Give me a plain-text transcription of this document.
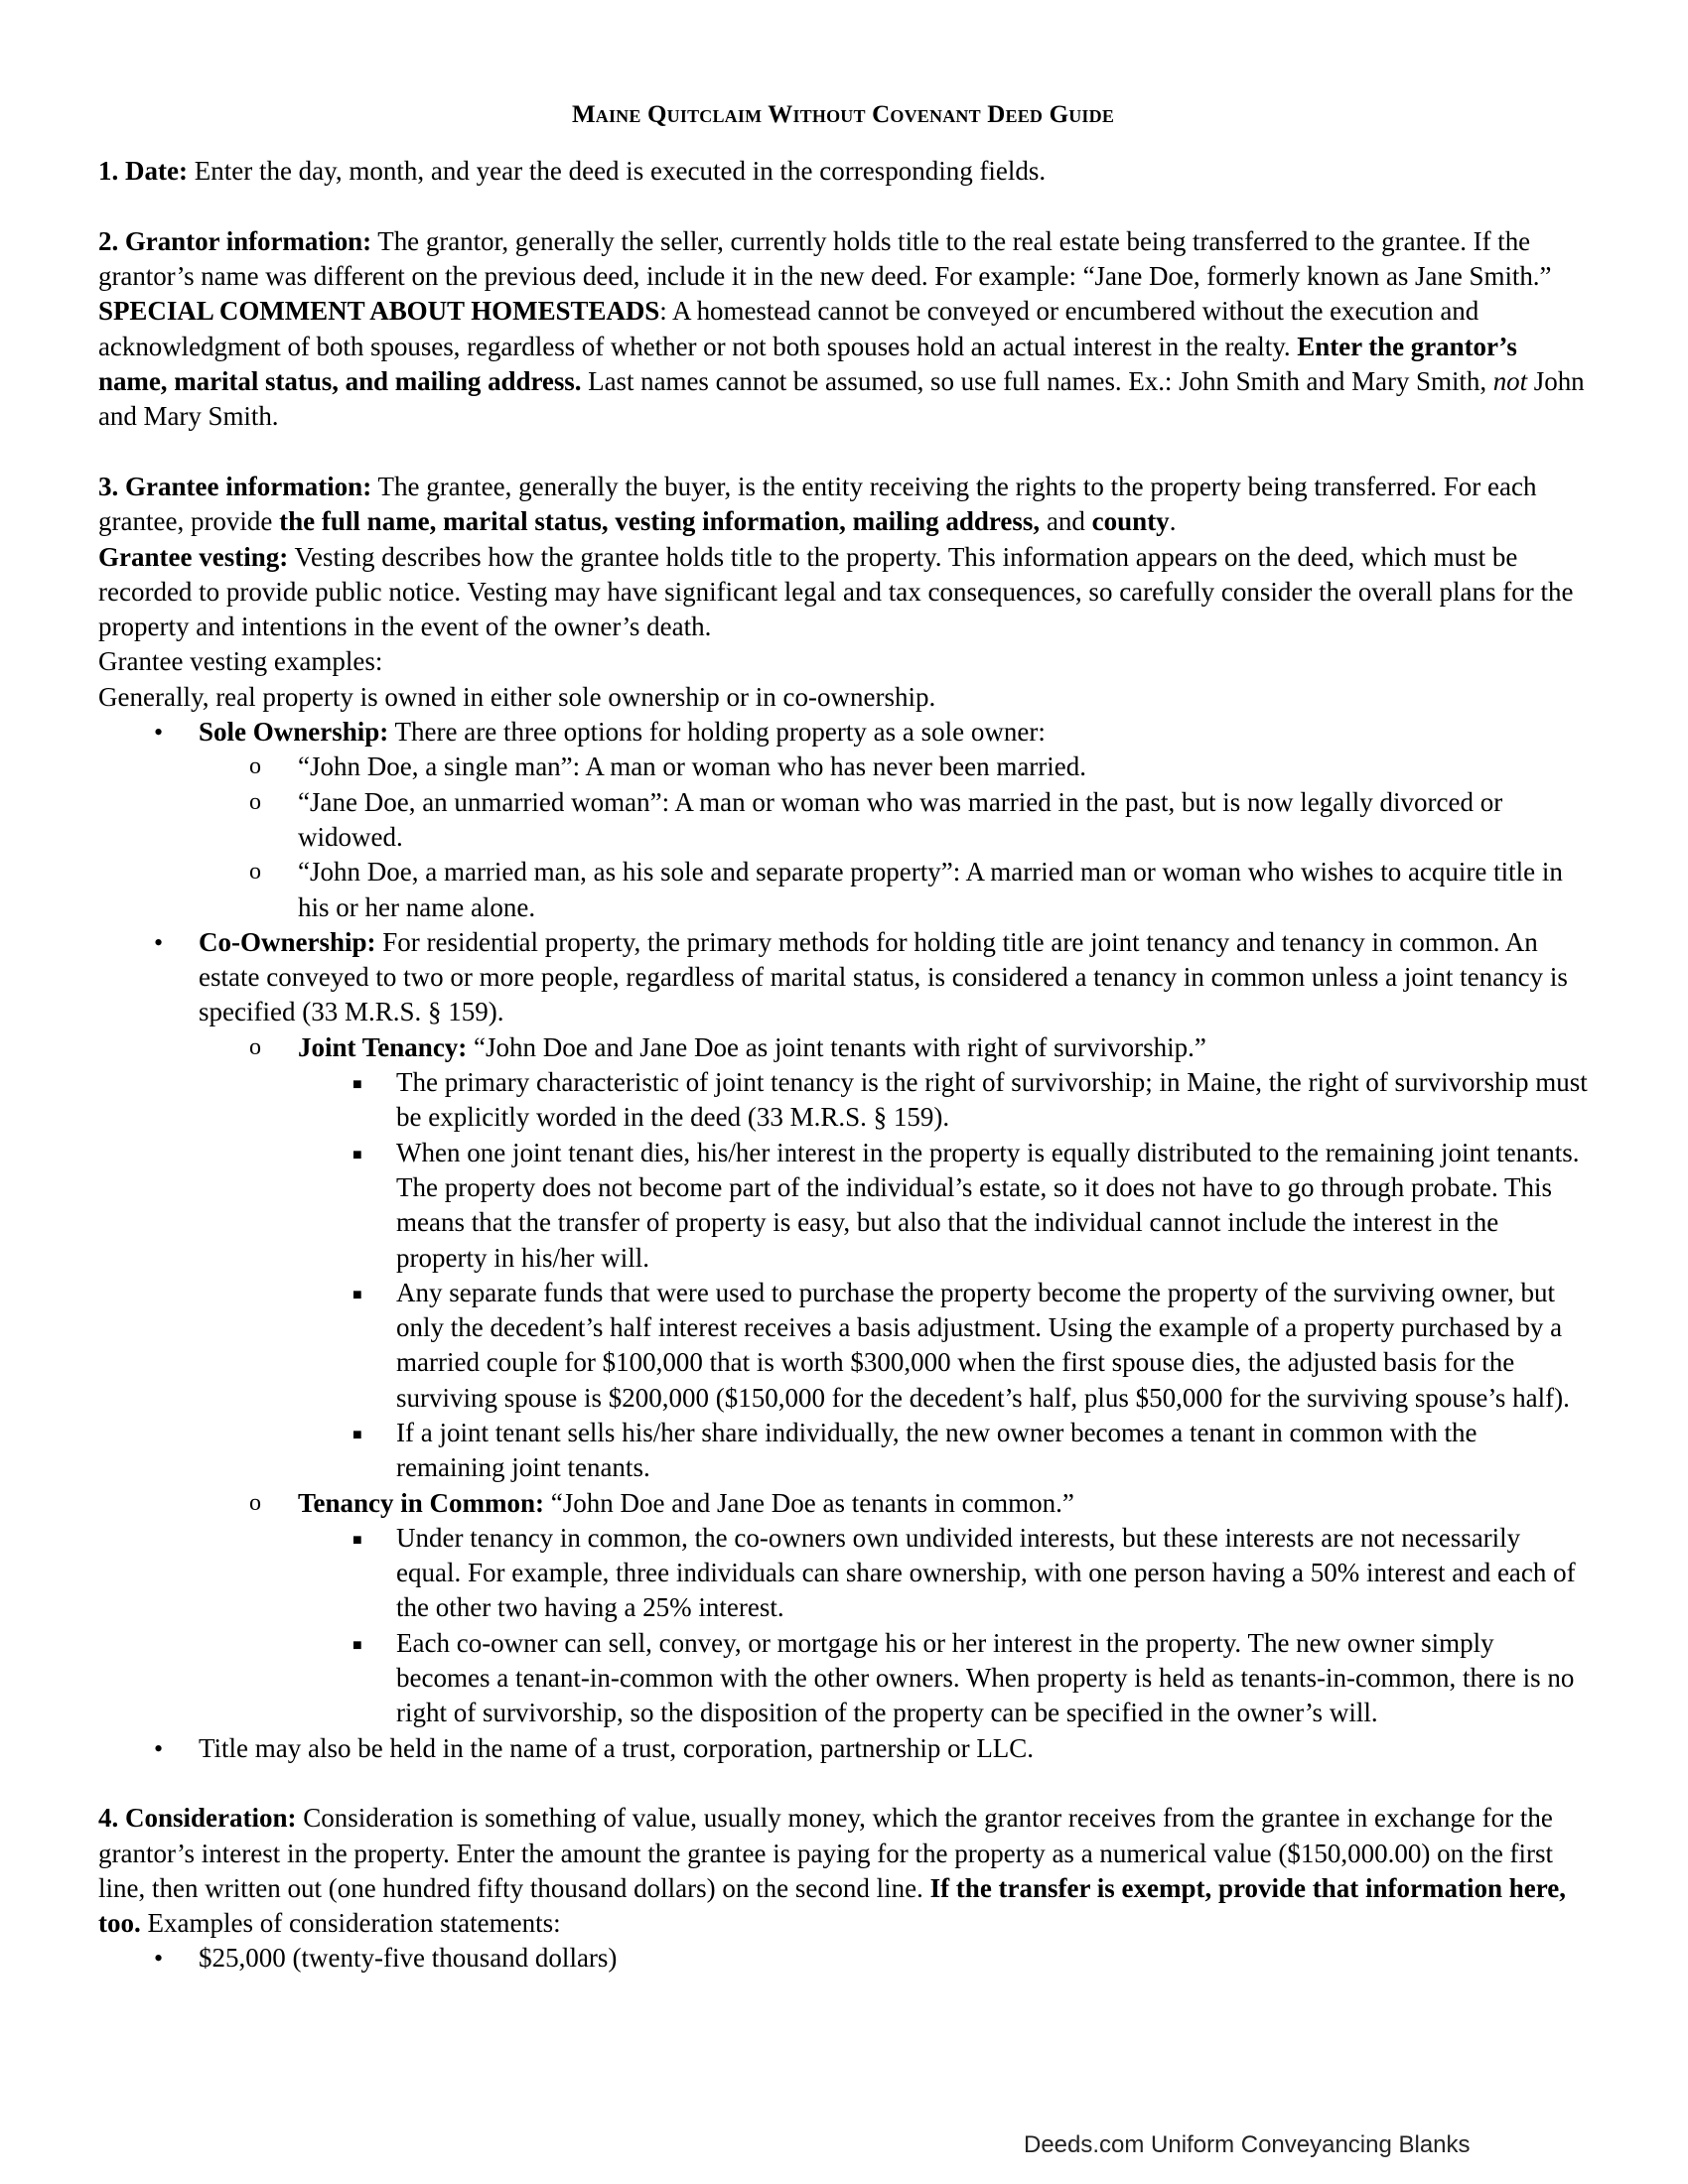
Maine Quitclaim Without Covenant Deed Guide

1. Date: Enter the day, month, and year the deed is executed in the corresponding fields.

2. Grantor information: The grantor, generally the seller, currently holds title to the real estate being transferred to the grantee. If the grantor’s name was different on the previous deed, include it in the new deed. For example: “Jane Doe, formerly known as Jane Smith.” SPECIAL COMMENT ABOUT HOMESTEADS: A homestead cannot be conveyed or encumbered without the execution and acknowledgment of both spouses, regardless of whether or not both spouses hold an actual interest in the realty. Enter the grantor’s name, marital status, and mailing address. Last names cannot be assumed, so use full names. Ex.: John Smith and Mary Smith, not John and Mary Smith.

3. Grantee information: The grantee, generally the buyer, is the entity receiving the rights to the property being transferred. For each grantee, provide the full name, marital status, vesting information, mailing address, and county.

Grantee vesting: Vesting describes how the grantee holds title to the property. This information appears on the deed, which must be recorded to provide public notice. Vesting may have significant legal and tax consequences, so carefully consider the overall plans for the property and intentions in the event of the owner’s death.

Grantee vesting examples:

Generally, real property is owned in either sole ownership or in co-ownership.

• Sole Ownership: There are three options for holding property as a sole owner:
o “John Doe, a single man”: A man or woman who has never been married.
o “Jane Doe, an unmarried woman”: A man or woman who was married in the past, but is now legally divorced or widowed.
o “John Doe, a married man, as his sole and separate property”: A married man or woman who wishes to acquire title in his or her name alone.
• Co-Ownership: For residential property, the primary methods for holding title are joint tenancy and tenancy in common. An estate conveyed to two or more people, regardless of marital status, is considered a tenancy in common unless a joint tenancy is specified (33 M.R.S. § 159).
o Joint Tenancy: “John Doe and Jane Doe as joint tenants with right of survivorship.”
■ The primary characteristic of joint tenancy is the right of survivorship; in Maine, the right of survivorship must be explicitly worded in the deed (33 M.R.S. § 159).
■ When one joint tenant dies, his/her interest in the property is equally distributed to the remaining joint tenants. The property does not become part of the individual’s estate, so it does not have to go through probate. This means that the transfer of property is easy, but also that the individual cannot include the interest in the property in his/her will.
■ Any separate funds that were used to purchase the property become the property of the surviving owner, but only the decedent’s half interest receives a basis adjustment. Using the example of a property purchased by a married couple for $100,000 that is worth $300,000 when the first spouse dies, the adjusted basis for the surviving spouse is $200,000 ($150,000 for the decedent’s half, plus $50,000 for the surviving spouse’s half).
■ If a joint tenant sells his/her share individually, the new owner becomes a tenant in common with the remaining joint tenants.
o Tenancy in Common: “John Doe and Jane Doe as tenants in common.”
■ Under tenancy in common, the co-owners own undivided interests, but these interests are not necessarily equal. For example, three individuals can share ownership, with one person having a 50% interest and each of the other two having a 25% interest.
■ Each co-owner can sell, convey, or mortgage his or her interest in the property. The new owner simply becomes a tenant-in-common with the other owners. When property is held as tenants-in-common, there is no right of survivorship, so the disposition of the property can be specified in the owner’s will.
• Title may also be held in the name of a trust, corporation, partnership or LLC.

4. Consideration: Consideration is something of value, usually money, which the grantor receives from the grantee in exchange for the grantor’s interest in the property. Enter the amount the grantee is paying for the property as a numerical value ($150,000.00) on the first line, then written out (one hundred fifty thousand dollars) on the second line. If the transfer is exempt, provide that information here, too. Examples of consideration statements:

• $25,000 (twenty-five thousand dollars)
Deeds.com Uniform Conveyancing Blanks
